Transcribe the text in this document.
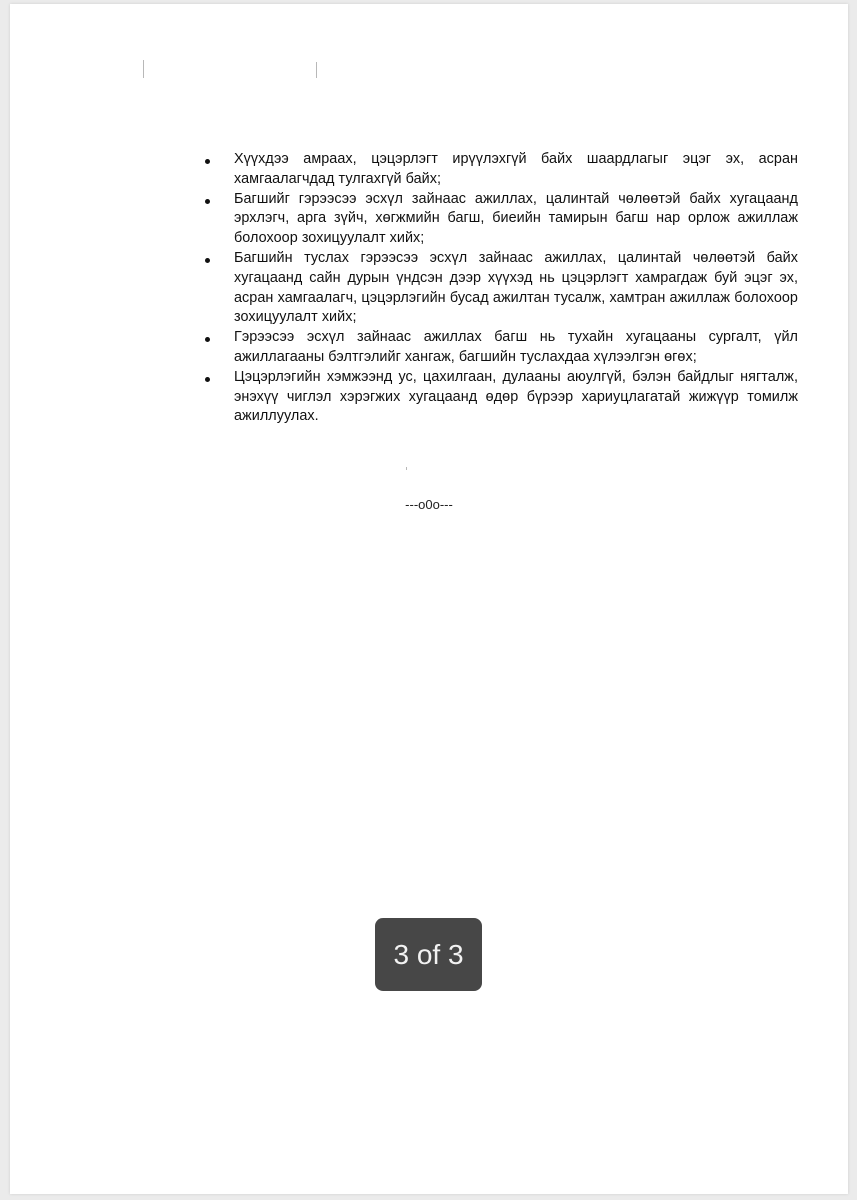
Хүүхдээ амраах, цэцэрлэгт ирүүлэхгүй байх шаардлагыг эцэг эх, асран хамгаалагчдад тулгахгүй байх;
Багшийг гэрээсээ эсхүл зайнаас ажиллах, цалинтай чөлөөтэй байх хугацаанд эрхлэгч, арга зүйч, хөгжмийн багш, биеийн тамирын багш нар орлож ажиллаж болохоор зохицуулалт хийх;
Багшийн туслах гэрээсээ эсхүл зайнаас ажиллах, цалинтай чөлөөтэй байх хугацаанд сайн дурын үндсэн дээр хүүхэд нь цэцэрлэгт хамрагдаж буй эцэг эх, асран хамгаалагч, цэцэрлэгийн бусад ажилтан тусалж, хамтран ажиллаж болохоор зохицуулалт хийх;
Гэрээсээ эсхүл зайнаас ажиллах багш нь тухайн хугацааны сургалт, үйл ажиллагааны бэлтгэлийг хангаж, багшийн туслахдаа хүлээлгэн өгөх;
Цэцэрлэгийн хэмжээнд ус, цахилгаан, дулааны аюулгүй, бэлэн байдлыг нягталж, энэхүү чиглэл хэрэгжих хугацаанд өдөр бүрээр хариуцлагатай жижүүр томилж ажиллуулах.
---o0o---
3 of 3
